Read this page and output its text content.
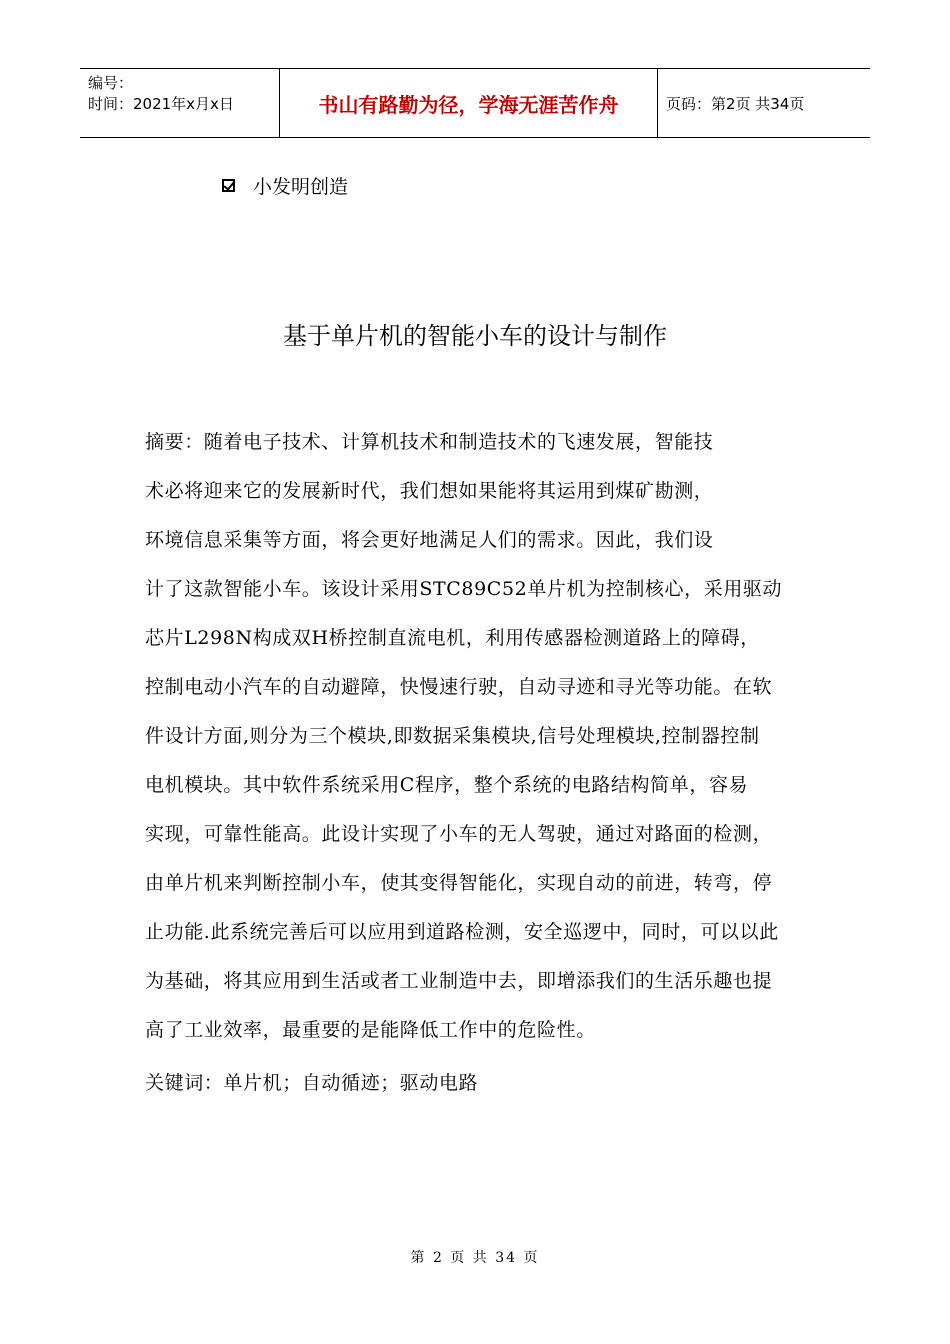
编号：
时间：2021年x月x日	书山有路勤为径，学海无涯苦作舟	页码：第2页 共34页
小发明创造
基于单片机的智能小车的设计与制作
摘要：随着电子技术、计算机技术和制造技术的飞速发展，智能技
术必将迎来它的发展新时代，我们想如果能将其运用到煤矿勘测，
环境信息采集等方面，将会更好地满足人们的需求。因此，我们设
计了这款智能小车。该设计采用STC89C52单片机为控制核心，采用驱动
芯片L298N构成双H桥控制直流电机，利用传感器检测道路上的障碍，
控制电动小汽车的自动避障，快慢速行驶，自动寻迹和寻光等功能。在软
件设计方面,则分为三个模块,即数据采集模块,信号处理模块,控制器控制
电机模块。其中软件系统采用C程序，整个系统的电路结构简单，容易
实现，可靠性能高。此设计实现了小车的无人驾驶，通过对路面的检测，
由单片机来判断控制小车，使其变得智能化，实现自动的前进，转弯，停
止功能.此系统完善后可以应用到道路检测，安全巡逻中，同时，可以以此
为基础，将其应用到生活或者工业制造中去，即增添我们的生活乐趣也提
高了工业效率，最重要的是能降低工作中的危险性。
关键词：单片机；自动循迹；驱动电路
第 2 页 共 34 页
